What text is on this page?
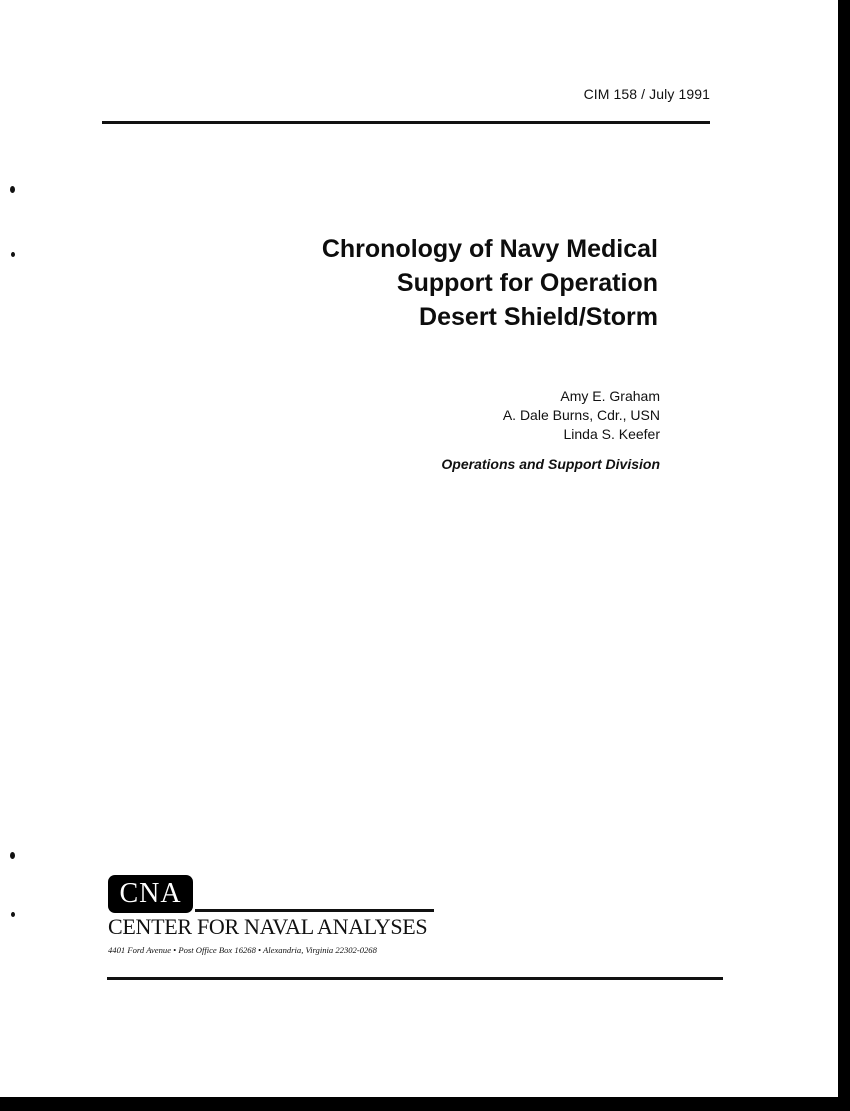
CIM 158 / July 1991
Chronology of Navy Medical
Support for Operation
Desert Shield/Storm
Amy E. Graham
A. Dale Burns, Cdr., USN
Linda S. Keefer
Operations and Support Division
CNA
CENTER FOR NAVAL ANALYSES
4401 Ford Avenue • Post Office Box 16268 • Alexandria, Virginia 22302-0268
